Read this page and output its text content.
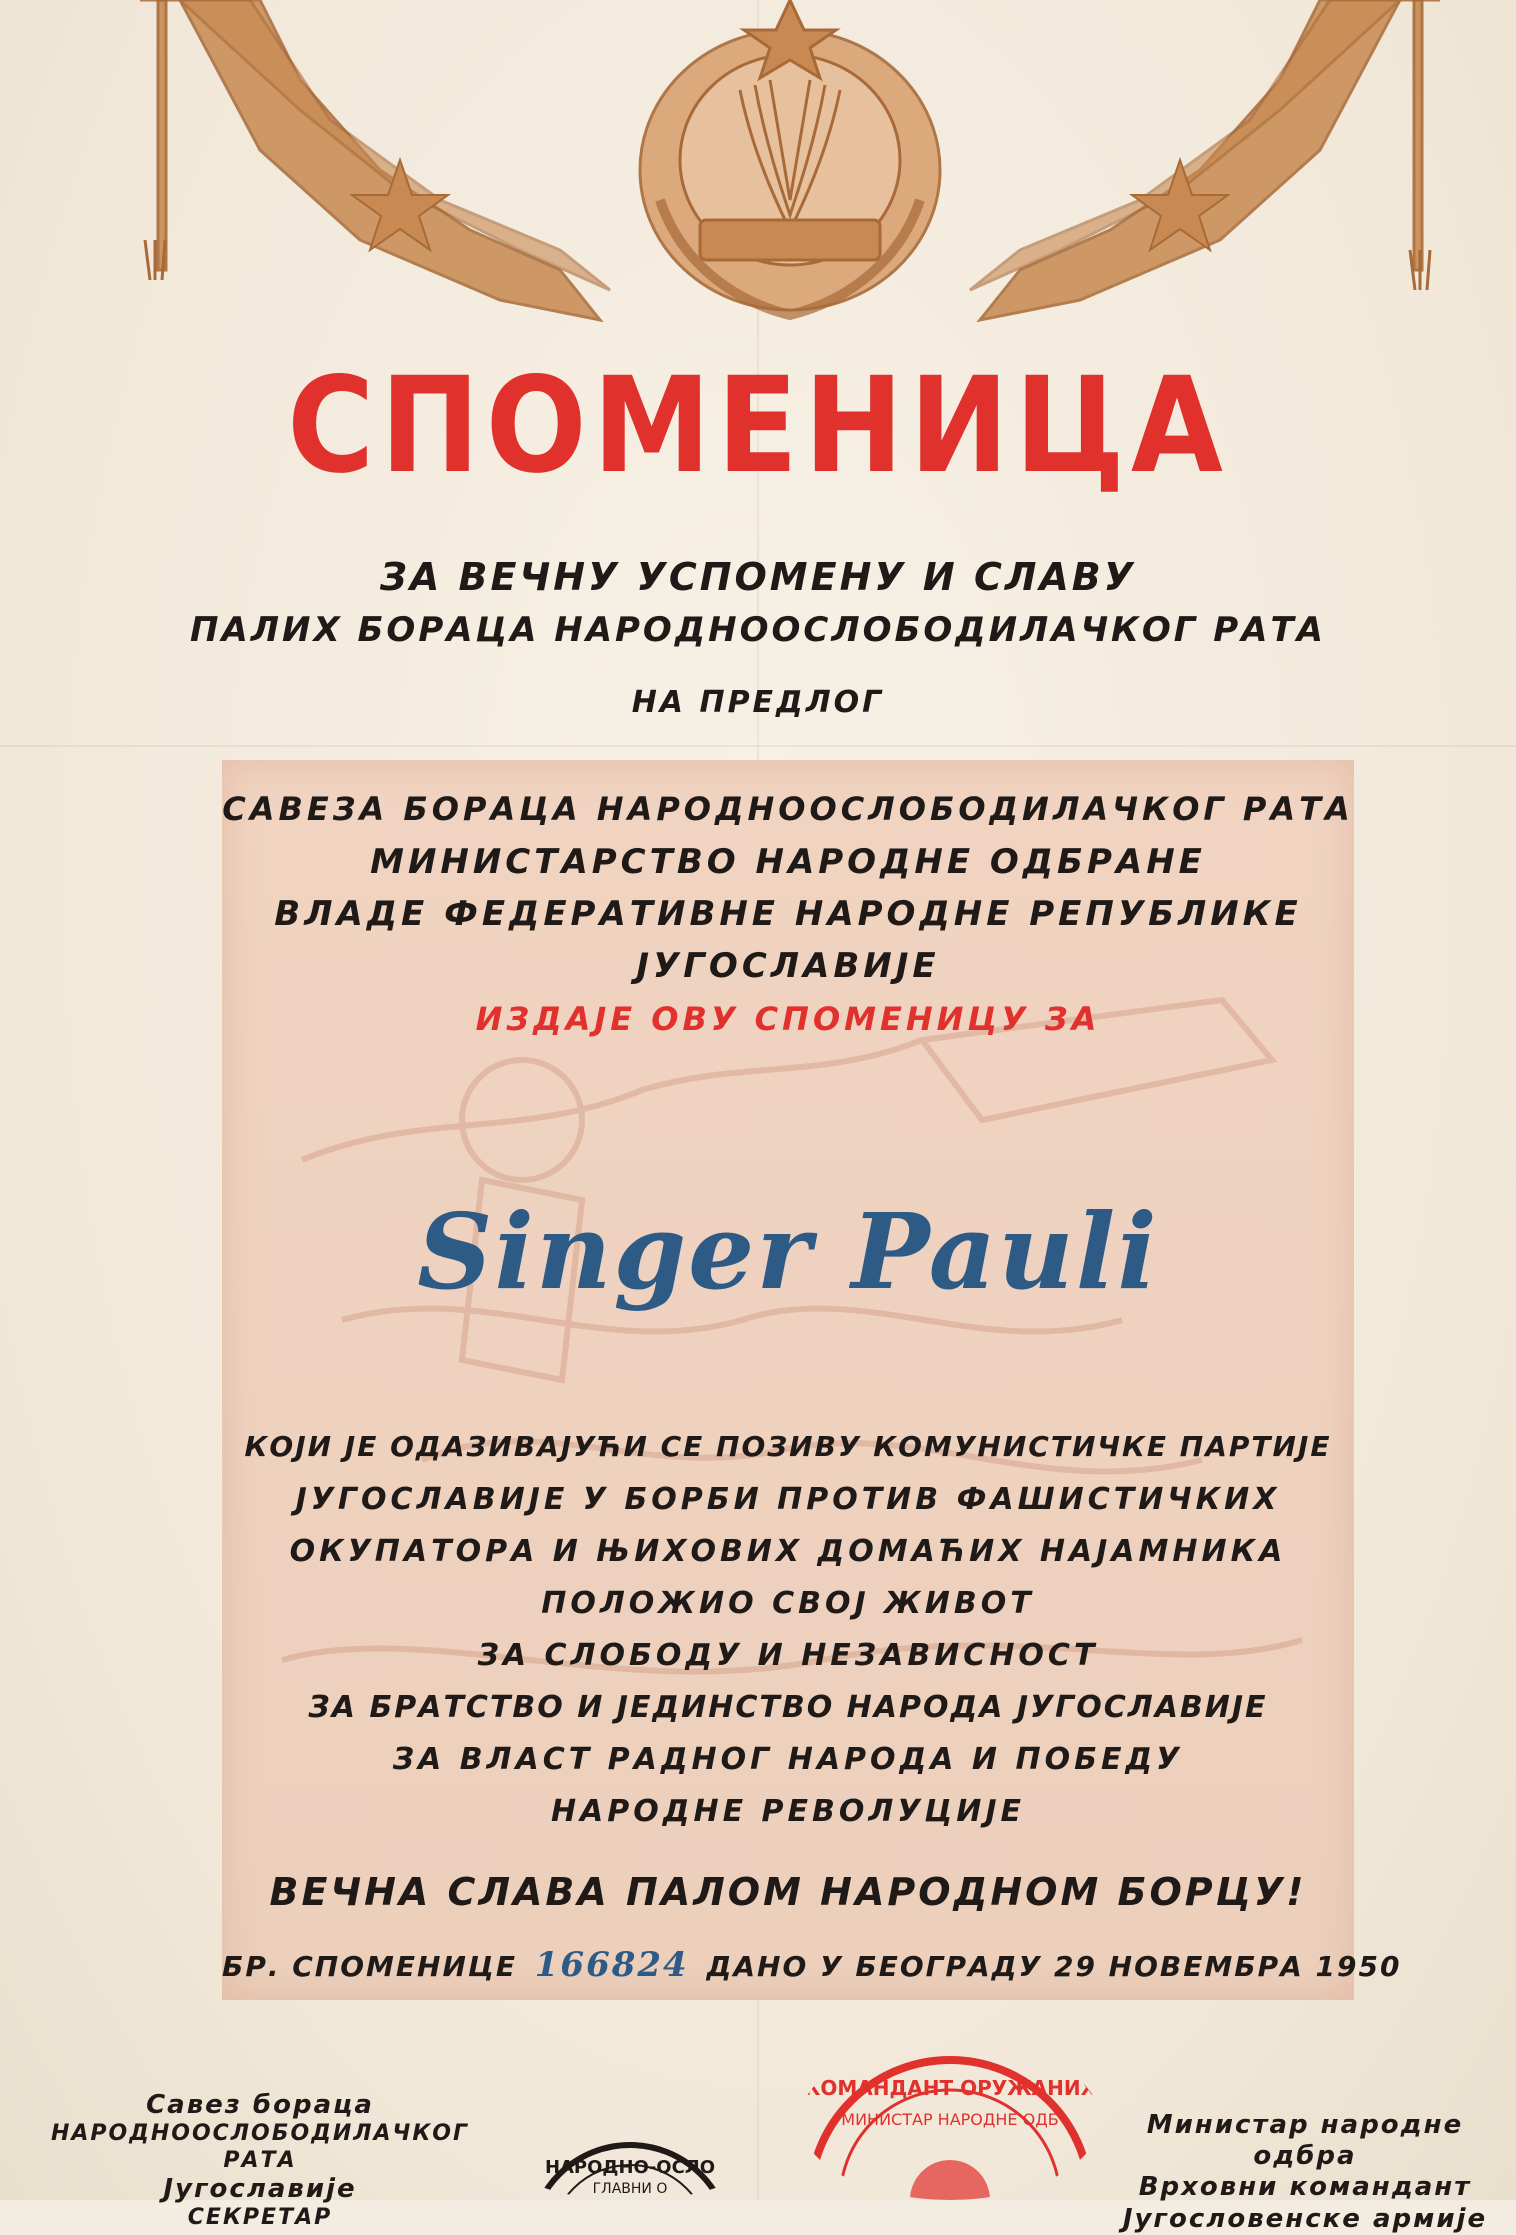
СПОМЕНИЦА
ЗА ВЕЧНУ УСПОМЕНУ И СЛАВУ
ПАЛИХ БОРАЦА НАРОДНООСЛОБОДИЛАЧКОГ РАТА
НА ПРЕДЛОГ
САВЕЗА БОРАЦА НАРОДНООСЛОБОДИЛАЧКОГ РАТА
МИНИСТАРСТВО НАРОДНЕ ОДБРАНЕ
ВЛАДЕ ФЕДЕРАТИВНЕ НАРОДНЕ РЕПУБЛИКЕ
ЈУГОСЛАВИЈЕ
ИЗДАЈЕ ОВУ СПОМЕНИЦУ ЗА
Singer Pauli
КОЈИ ЈЕ ОДАЗИВАЈУЋИ СЕ ПОЗИВУ КОМУНИСТИЧКЕ ПАРТИЈЕ
ЈУГОСЛАВИЈЕ У БОРБИ ПРОТИВ ФАШИСТИЧКИХ
ОКУПАТОРА И ЊИХОВИХ ДОМАЋИХ НАЈАМНИКА
ПОЛОЖИО СВОЈ ЖИВОТ
ЗА СЛОБОДУ И НЕЗАВИСНОСТ
ЗА БРАТСТВО И ЈЕДИНСТВО НАРОДА ЈУГОСЛАВИЈЕ
ЗА ВЛАСТ РАДНОГ НАРОДА И ПОБЕДУ
НАРОДНЕ РЕВОЛУЦИЈЕ
ВЕЧНА СЛАВА ПАЛОМ НАРОДНОМ БОРЦУ!
БР. СПОМЕНИЦЕ 166824 ДАНО У БЕОГРАДУ 29 НОВЕМБРА 1950
Савез бораца
НАРОДНООСЛОБОДИЛАЧКОГ РАТА
Југославије
СЕКРЕТАР
Министар народне одбра
Врховни командант
Југословенске армије
НАРОДНО-ОСЛО
ГЛАВНИ О
КОМАНДАНТ ОРУЖАНИХ
МИНИСТАР НАРОДНЕ ОДБ
